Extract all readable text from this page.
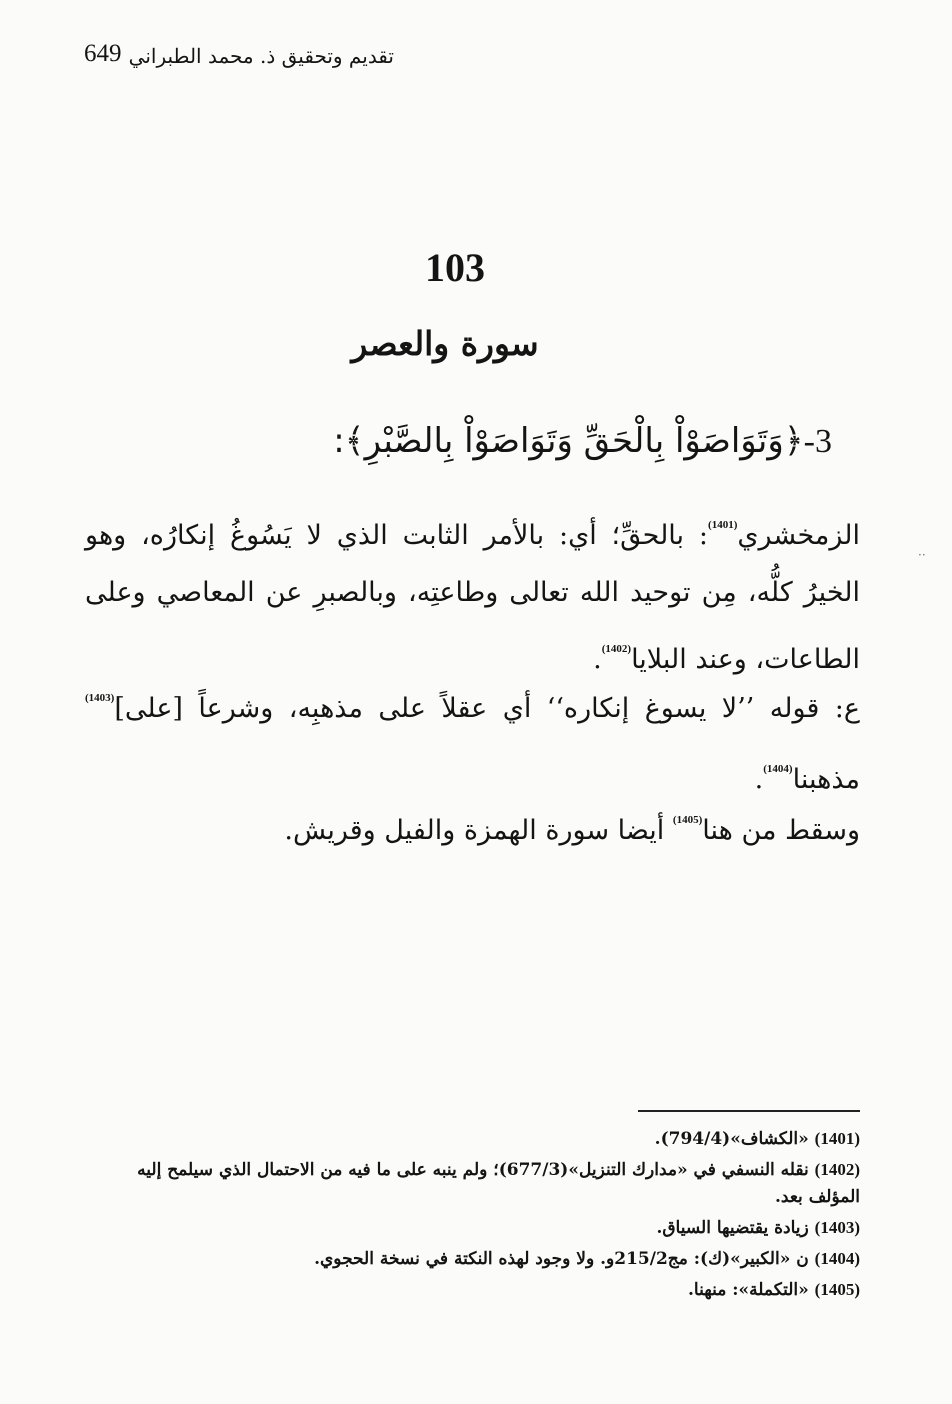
649 تقديم وتحقيق ذ. محمد الطبراني
103
سورة والعصر
3-﴿وَتَوَاصَوْاْ بِالْحَقِّ وَتَوَاصَوْاْ بِالصَّبْرِ﴾:

الزمخشري$^{(1401)}$: بالحقِّ؛ أي: بالأمر الثابت الذي لا يَسُوغُ إنكارُه، وهو الخيرُ كلُّه، مِن توحيد الله تعالى وطاعتِه، وبالصبرِ عن المعاصي وعلى الطاعات، وعند البلايا$^{(1402)}$.

ع: قوله ’’لا يسوغ إنكاره‘‘ أي عقلاً على مذهبِه، وشرعاً [على]$^{(1403)}$ مذهبنا$^{(1404)}$.

وسقط من هنا$^{(1405)}$ أيضا سورة الهمزة والفيل وقريش.

··

(1401) «الكشاف»(794/4).

(1402) نقله النسفي في «مدارك التنزيل»(677/3)؛ ولم ينبه على ما فيه من الاحتمال الذي سيلمح إليه المؤلف بعد.

(1403) زيادة يقتضيها السياق.

(1404) ن «الكبير»(ك): مج215/2و. ولا وجود لهذه النكتة في نسخة الحجوي.

(1405) «التكملة»: منهنا.
